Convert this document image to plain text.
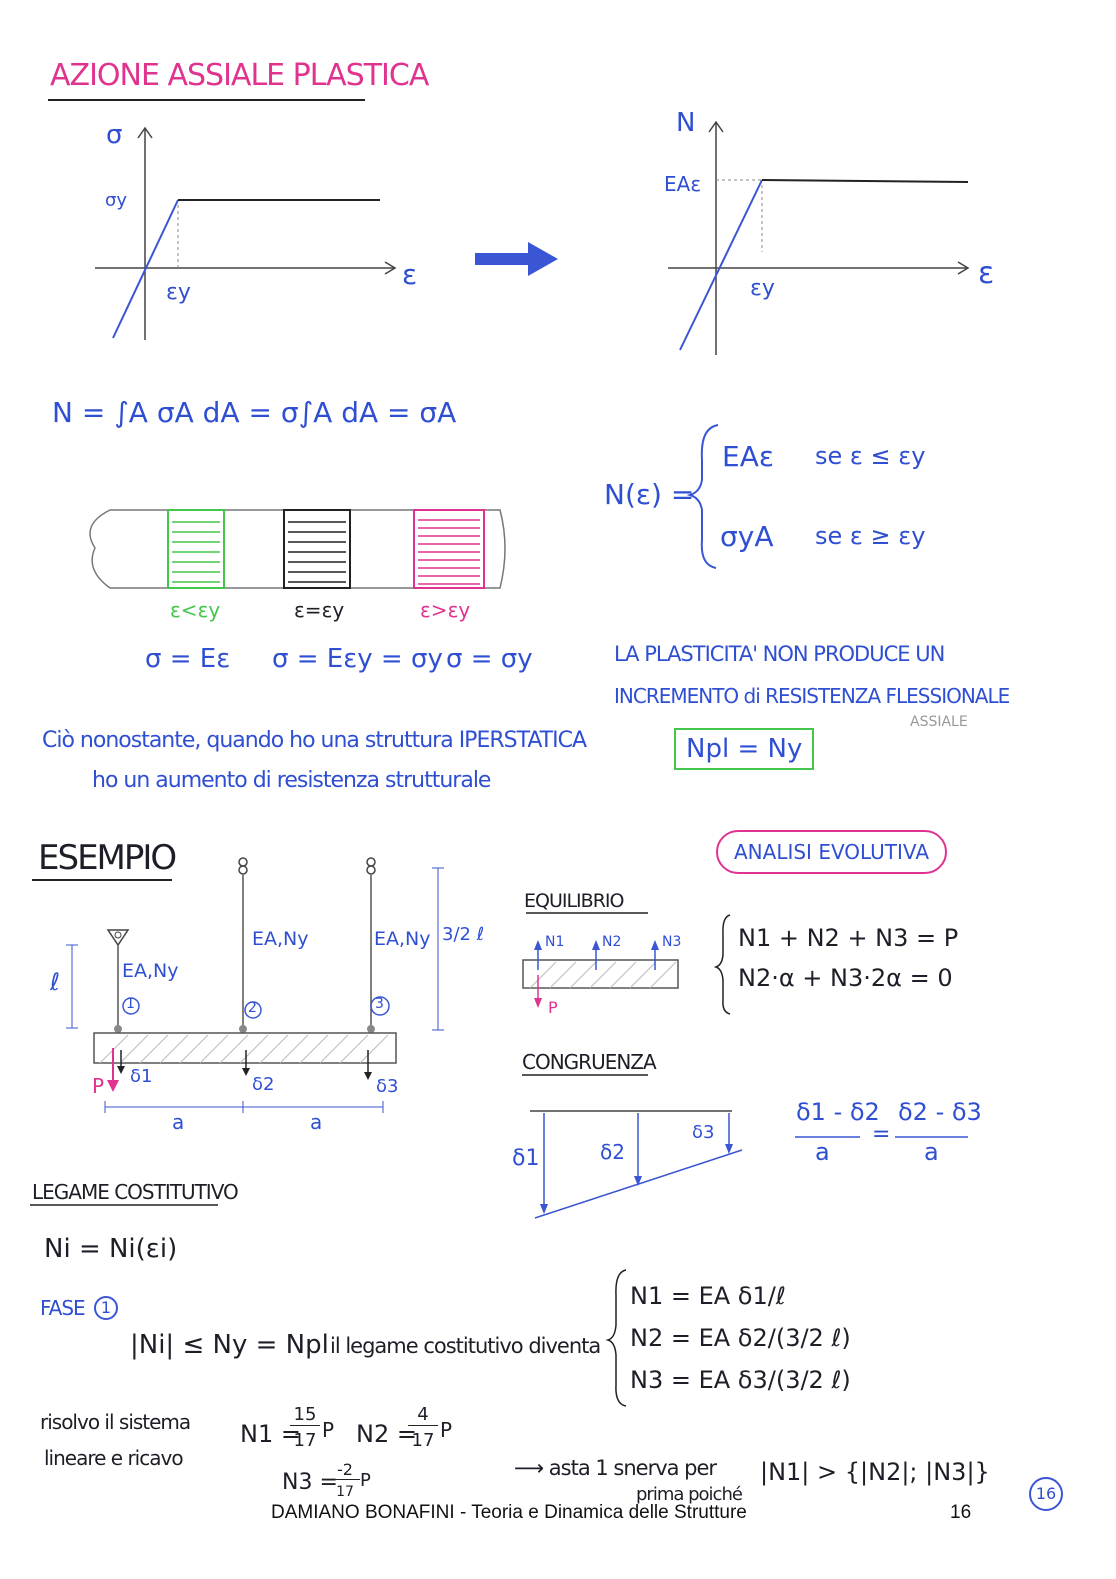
AZIONE ASSIALE PLASTICA
σ
σy
ε
εy
N
EAε
ε
εy
N = ∫A σA dA = σ∫A dA = σA
N(ε) =
EAε se ε ≤ εy
σyA se ε ≥ εy
ε<εy	ε=εy	ε>εy
σ = Eε σ = Eεy = σy σ = σy	LA PLASTICITA' NON PRODUCE UN
INCREMENTO di RESISTENZA FLESSIONALE
ASSIALE
Npl = Ny
Ciò nonostante, quando ho una struttura IPERSTATICA
ho un aumento di resistenza strutturale
ESEMPIO	ANALISI EVOLUTIVA
EA,Ny
EA,Ny	EA,Ny
1	2	3
ℓ
3/2 ℓ
P δ1	δ2	δ3
a	a
EQUILIBRIO
N1	N2	N3
P
N1 + N2 + N3 = P
N2·α + N3·2α = 0
CONGRUENZA
δ1	δ2
δ3
δ1 - δ2
a
=
δ2 - δ3
a
LEGAME COSTITUTIVO
Ni = Ni(εi)
FASE	1
|Ni| ≤ Ny = Npl il legame costitutivo diventa
N1 = EA δ1/ℓ
N2 = EA δ2/(3/2 ℓ)
N3 = EA δ3/(3/2 ℓ)
risolvo il sistema
lineare e ricavo
N1 =
15
17 P N2 =
4
17 P
N3 =
-2
17
P
⟶ asta 1 snerva per
prima poiché
|N1| > {|N2|; |N3|}
DAMIANO BONAFINI - Teoria e Dinamica delle Strutture	16
16
